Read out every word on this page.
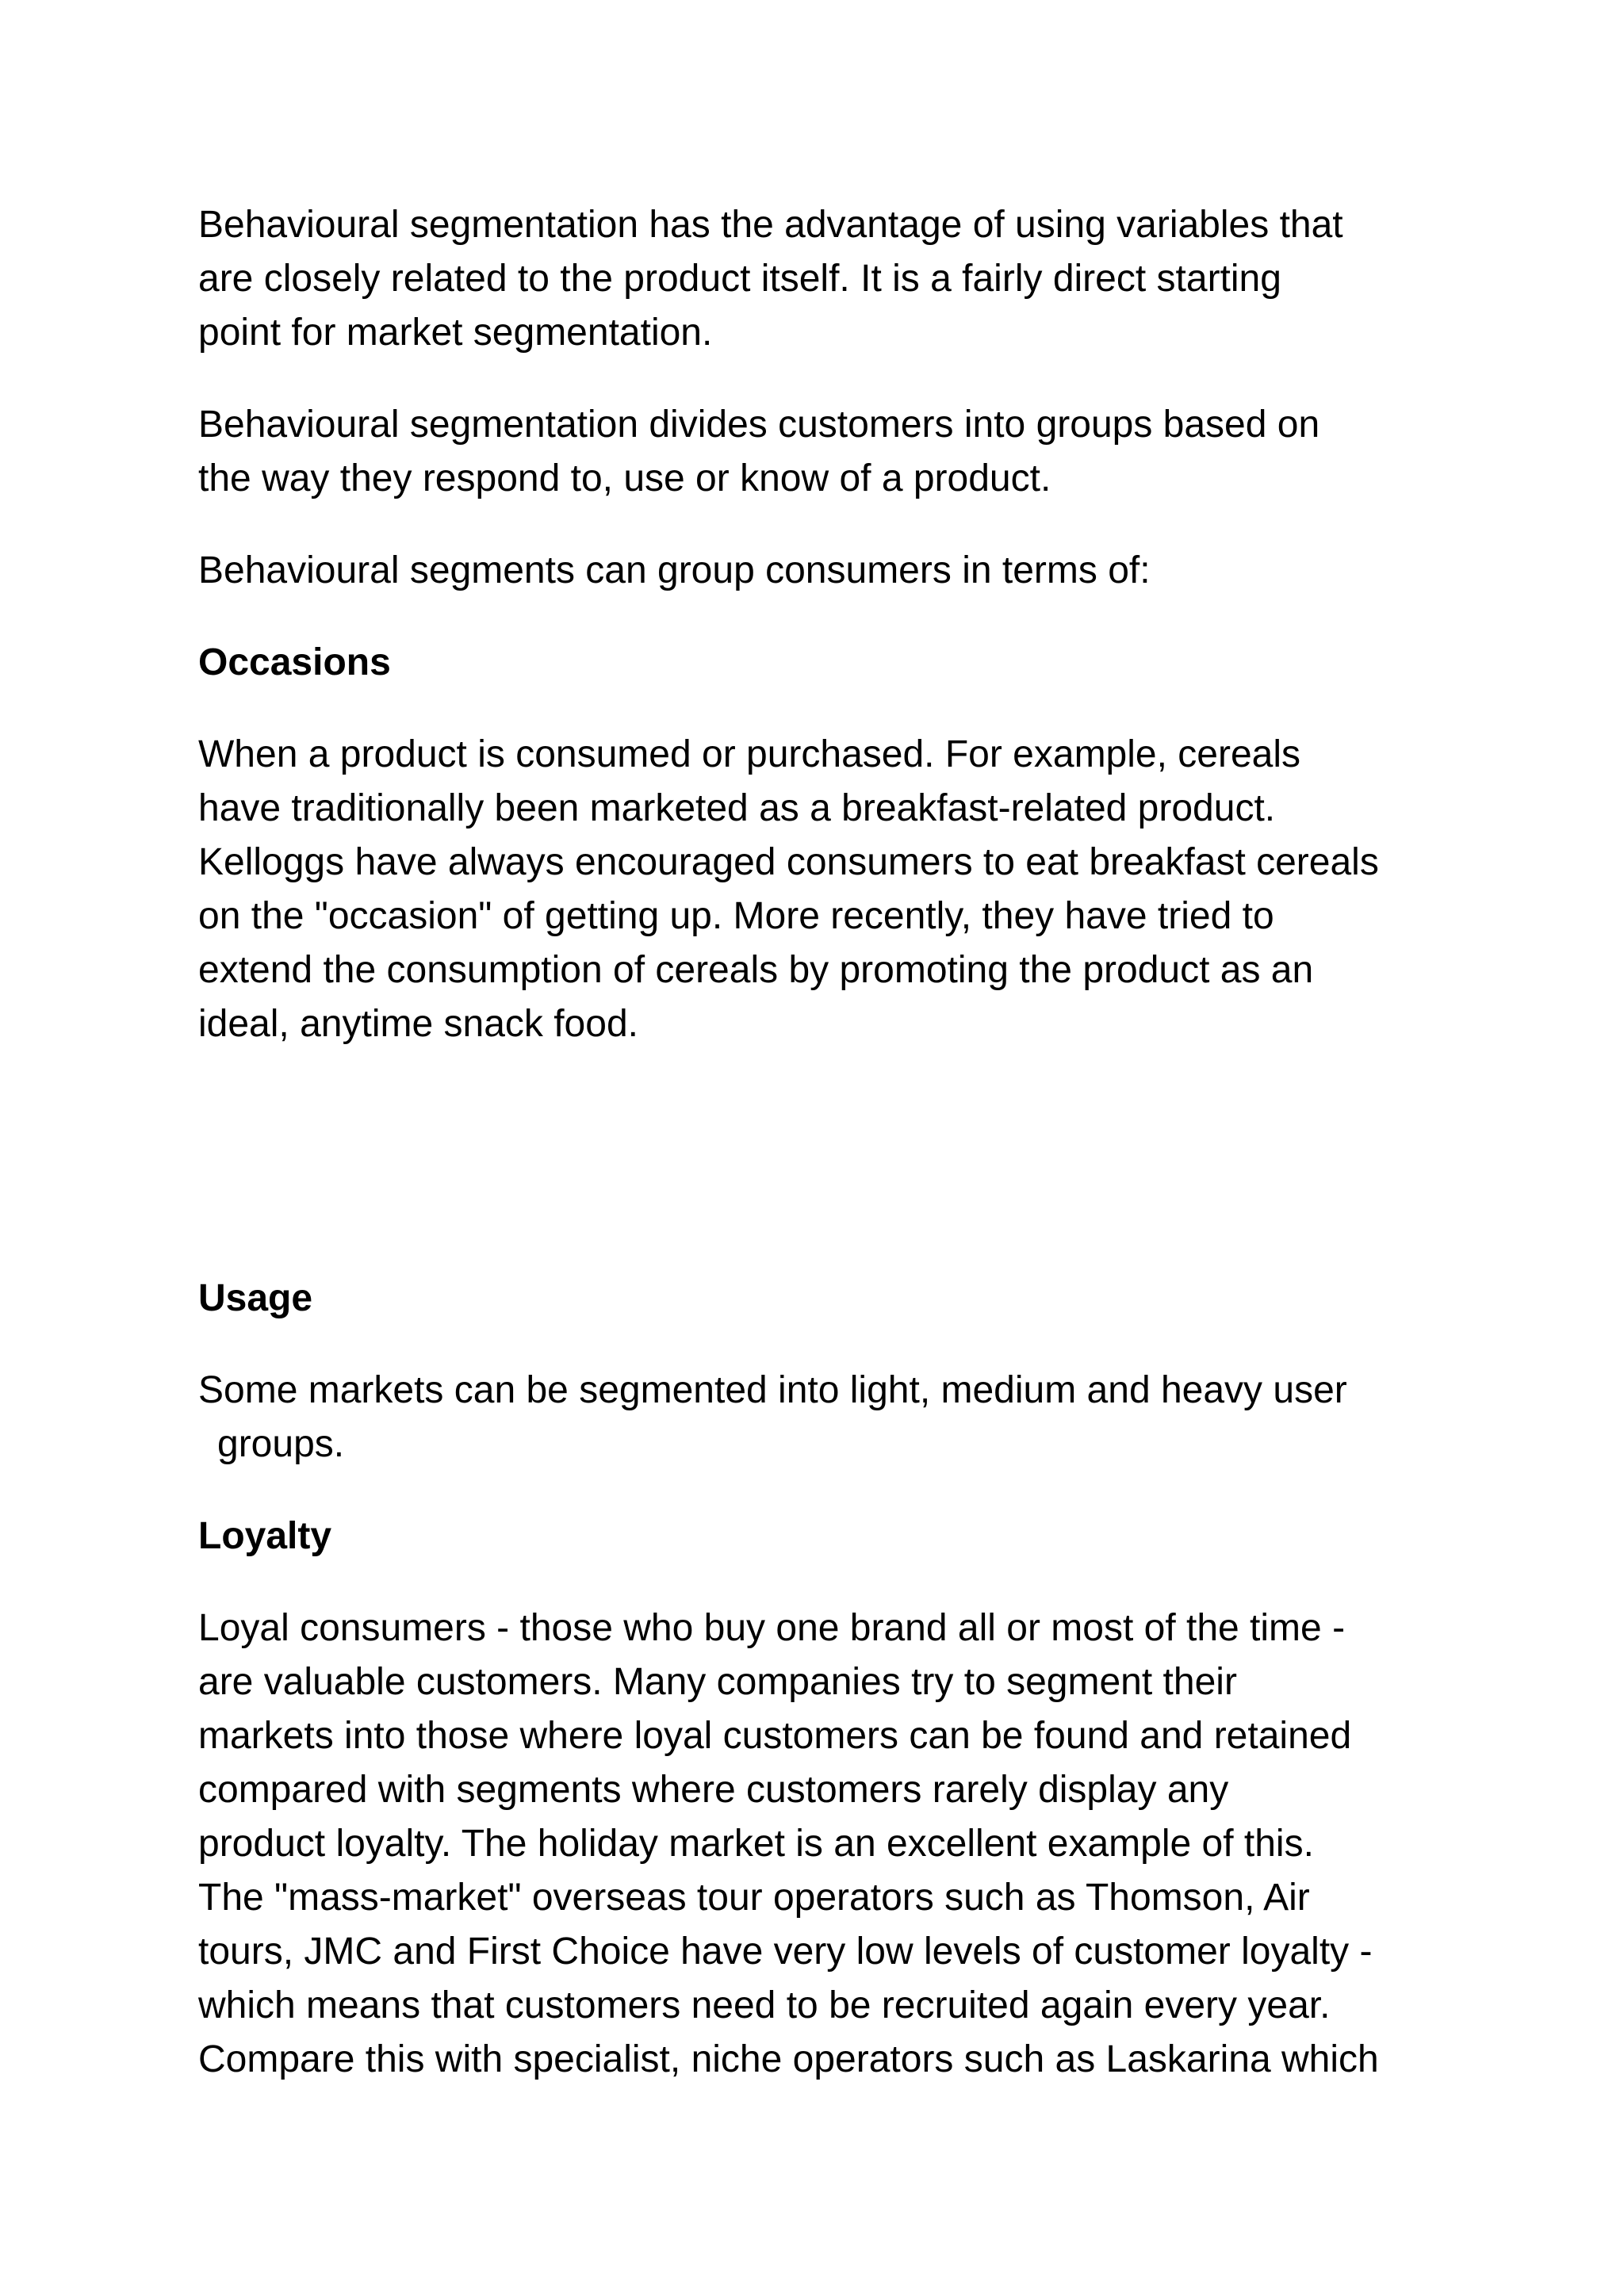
Behavioural segmentation has the advantage of using variables that

are closely related to the product itself. It is a fairly direct starting

point for market segmentation.

Behavioural segmentation divides customers into groups based on

the way they respond to, use or know of a product.

Behavioural segments can group consumers in terms of:

Occasions

When a product is consumed or purchased. For example, cereals

have traditionally been marketed as a breakfast-related product.

Kelloggs have always encouraged consumers to eat breakfast cereals

on the "occasion" of getting up. More recently, they have tried to

extend the consumption of cereals by promoting the product as an

ideal, anytime snack food.

Usage

Some markets can be segmented into light, medium and heavy user

groups.

Loyalty

Loyal consumers - those who buy one brand all or most of the time -

are valuable customers. Many companies try to segment their

markets into those where loyal customers can be found and retained

compared with segments where customers rarely display any

product loyalty. The holiday market is an excellent example of this.

The "mass-market" overseas tour operators such as Thomson, Air

tours, JMC and First Choice have very low levels of customer loyalty -

which means that customers need to be recruited again every year.

Compare this with specialist, niche operators such as Laskarina which
